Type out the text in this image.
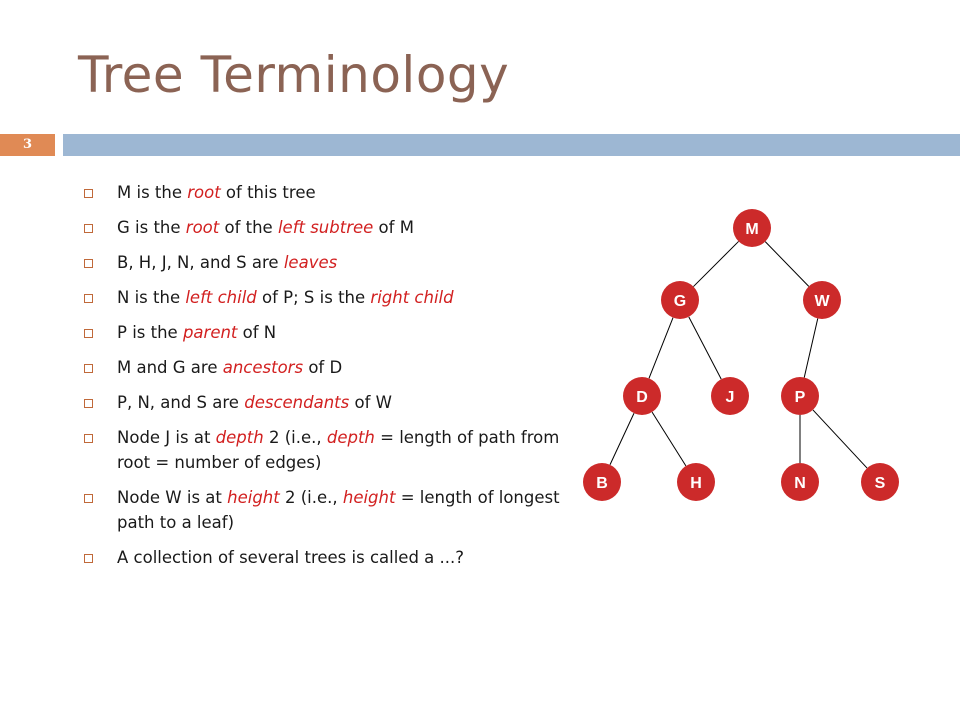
Tree Terminology
3
M is the root of this tree
G is the root of the left subtree of M
B, H, J, N, and S are leaves
N is the left child of P; S is the right child
P is the parent of N
M and G are ancestors of D
P, N, and S are descendants of W
Node J is at depth 2 (i.e., depth = length of path from root = number of edges)
Node W is at height 2 (i.e., height = length of longest path to a leaf)
A collection of several trees is called a ...?
M
G	W
D	J	P
B	H	N	S
